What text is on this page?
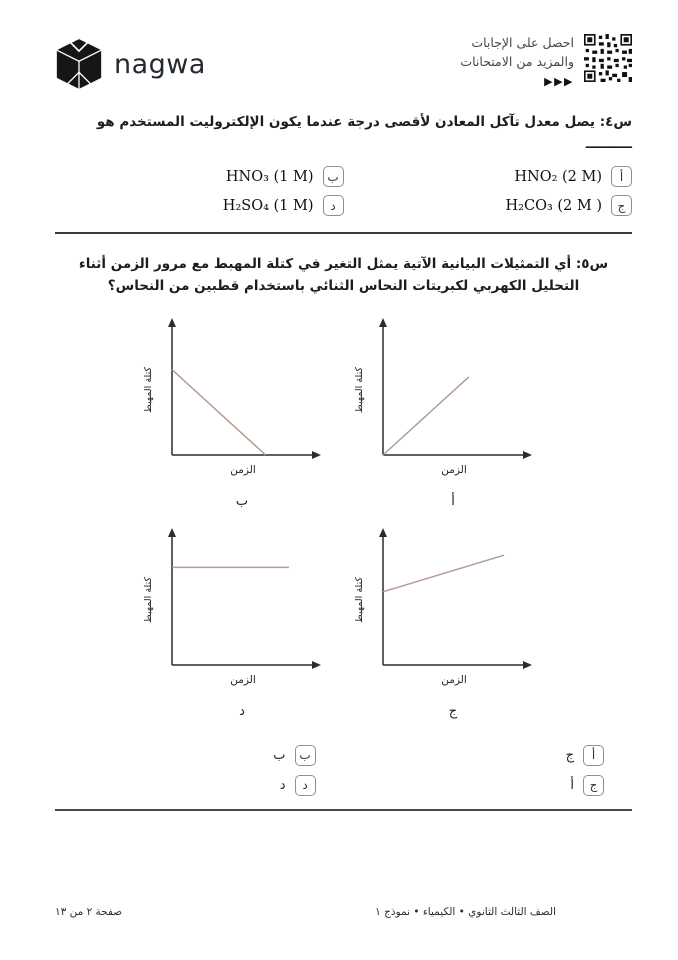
nagwa
احصل على الإجابات
والمزيد من الامتحانات
▶▶▶

س٤: يصل معدل تآكل المعادن لأقصى درجة عندما يكون الإلكتروليت المستخدم هو ــــــــــ

أ
HNO₂ (2 M)
ب
HNO₃ (1 M)
ج
H₂CO₃ (2 M )
د
H₂SO₄ (1 M)

س٥: أي التمثيلات البيانية الآتية يمثل التغير في كتلة المهبط مع مرور الزمن أثناء التحليل الكهربي لكبريتات النحاس الثنائي باستخدام قطبين من النحاس؟

كتلة المهبط
الزمن
ب
كتلة المهبط
الزمن
أ
كتلة المهبط
الزمن
د
كتلة المهبط
الزمن
ج
أ
ج
ب
ب
ج
أ
د
د
صفحة ٢ من ١٣	الصف الثالث الثانوي • الكيمياء • نموذج ١
